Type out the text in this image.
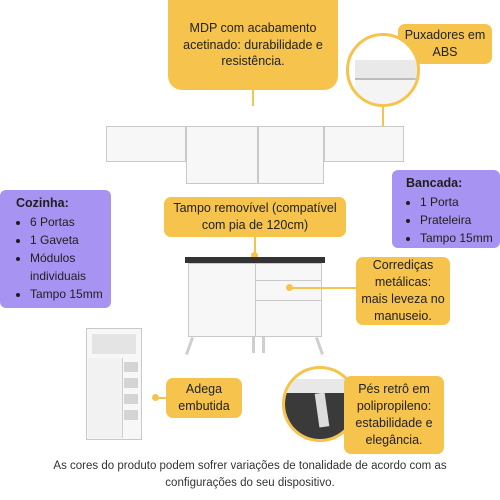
MDP com acabamento acetinado: durabilidade e resistência.
Puxadores em ABS
Cozinha:
• 6 Portas
• 1 Gaveta
• Módulos individuais
• Tampo 15mm
Bancada:
• 1 Porta
• Prateleira
• Tampo 15mm
Tampo removível (compatível com pia de 120cm)
Corrediças metálicas: mais leveza no manuseio.
Adega embutida
Pés retrô em polipropileno: estabilidade e elegância.
As cores do produto podem sofrer variações de tonalidade de acordo com as
configurações do seu dispositivo.
